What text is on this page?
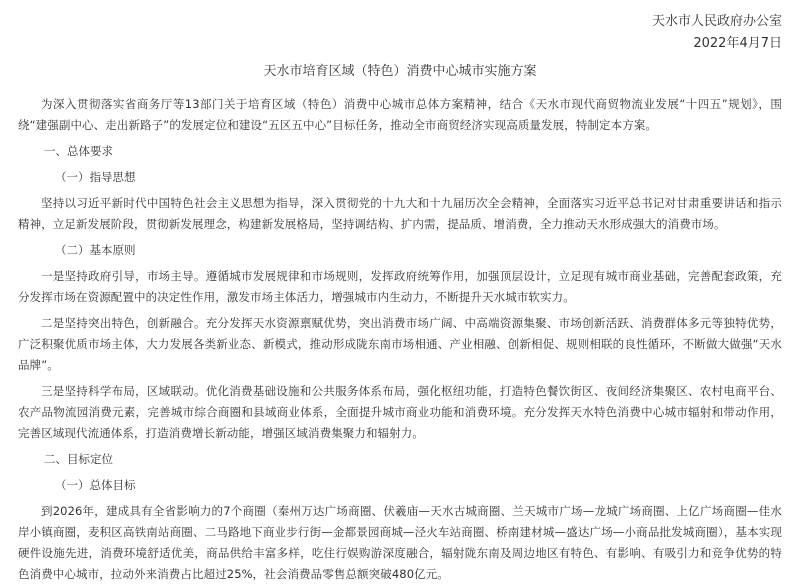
天水市人民政府办公室
2022年4月7日
天水市培育区域（特色）消费中心城市实施方案

为深入贯彻落实省商务厅等13部门关于培育区域（特色）消费中心城市总体方案精神，结合《天水市现代商贸物流业发展“十四五”规划》，围绕“建强副中心、走出新路子”的发展定位和建设“五区五中心”目标任务，推动全市商贸经济实现高质量发展，特制定本方案。

一、总体要求
（一）指导思想

坚持以习近平新时代中国特色社会主义思想为指导，深入贯彻党的十九大和十九届历次全会精神，全面落实习近平总书记对甘肃重要讲话和指示精神，立足新发展阶段，贯彻新发展理念，构建新发展格局，坚持调结构、扩内需，提品质、增消费，全力推动天水形成强大的消费市场。

（二）基本原则

一是坚持政府引导，市场主导。遵循城市发展规律和市场规则，发挥政府统筹作用，加强顶层设计，立足现有城市商业基础，完善配套政策，充分发挥市场在资源配置中的决定性作用，激发市场主体活力，增强城市内生动力，不断提升天水城市软实力。

二是坚持突出特色，创新融合。充分发挥天水资源禀赋优势，突出消费市场广阔、中高端资源集聚、市场创新活跃、消费群体多元等独特优势，广泛积聚优质市场主体，大力发展各类新业态、新模式，推动形成陇东南市场相通、产业相融、创新相促、规则相联的良性循环，不断做大做强“天水品牌”。

三是坚持科学布局，区域联动。优化消费基础设施和公共服务体系布局，强化枢纽功能，打造特色餐饮街区、夜间经济集聚区、农村电商平台、农产品物流园消费元素，完善城市综合商圈和县域商业体系，全面提升城市商业功能和消费环境。充分发挥天水特色消费中心城市辐射和带动作用，完善区域现代流通体系，打造消费增长新动能，增强区域消费集聚力和辐射力。

二、目标定位
（一）总体目标

到2026年，建成具有全省影响力的7个商圈（秦州万达广场商圈、伏羲庙—天水古城商圈、兰天城市广场—龙城广场商圈、上亿广场商圈—佳水岸小镇商圈，麦积区高铁南站商圈、二马路地下商业步行街—金都景园商城—泾火车站商圈、桥南建材城—盛达广场—小商品批发城商圈），基本实现硬件设施先进，消费环境舒适优美，商品供给丰富多样，吃住行娱购游深度融合，辐射陇东南及周边地区有特色、有影响、有吸引力和竞争优势的特色消费中心城市，拉动外来消费占比超过25%，社会消费品零售总额突破480亿元。
